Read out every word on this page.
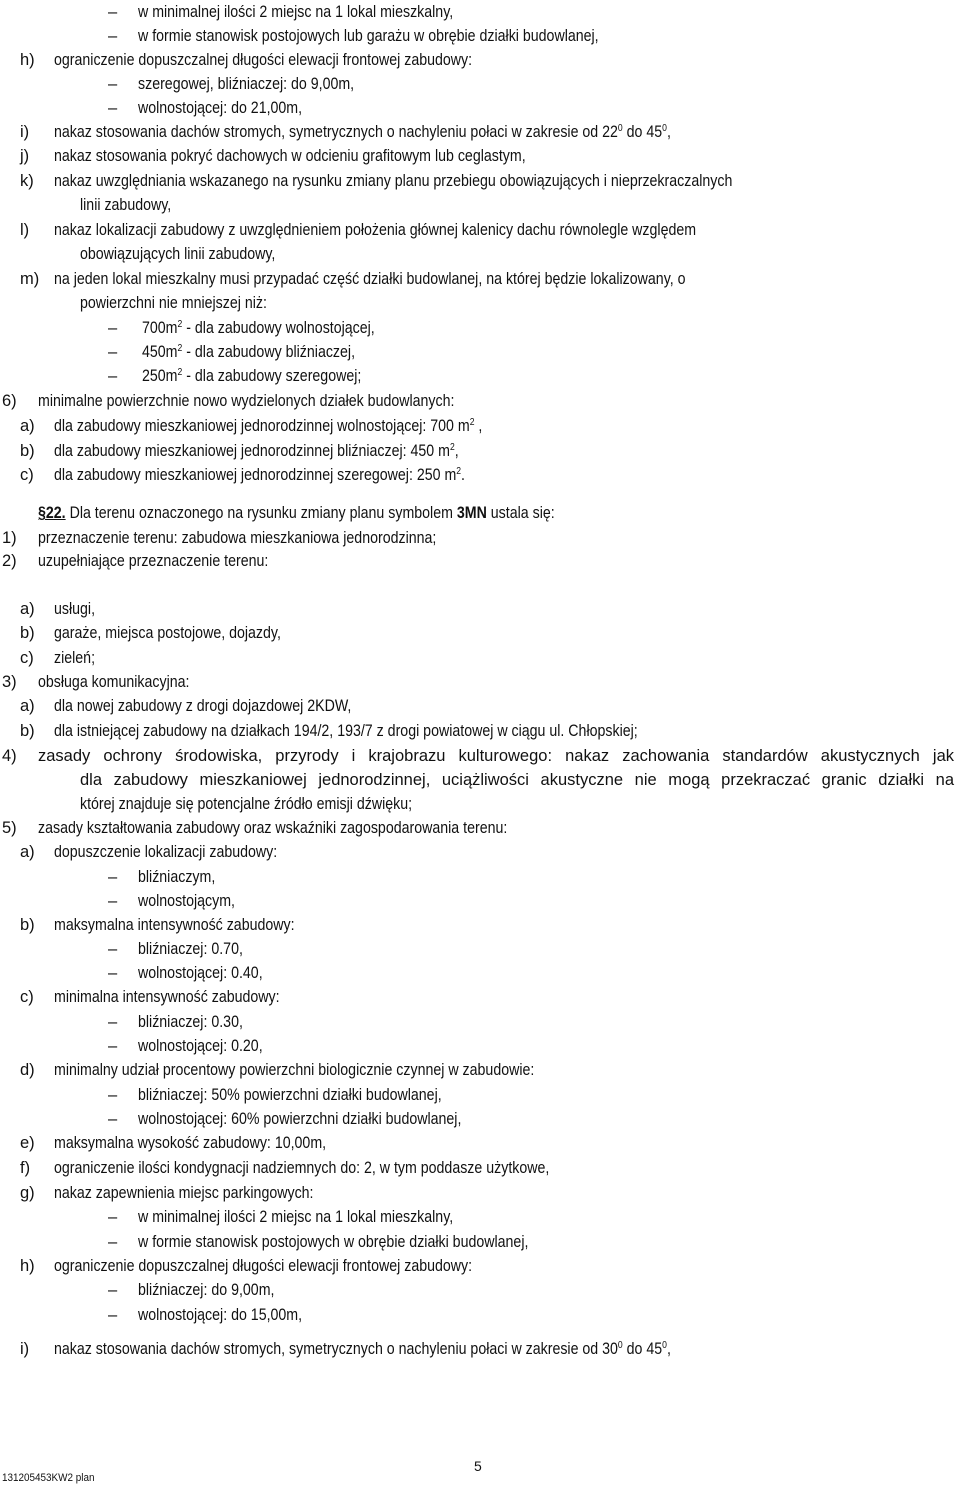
– w minimalnej ilości 2 miejsc na 1 lokal mieszkalny,
– w formie stanowisk postojowych lub garażu w obrębie działki budowlanej,
h) ograniczenie dopuszczalnej długości elewacji frontowej zabudowy:
– szeregowej, bliźniaczej: do 9,00m,
– wolnostojącej: do 21,00m,
i) nakaz stosowania dachów stromych, symetrycznych o nachyleniu połaci w zakresie od $22^0$ do $45^0$,
j) nakaz stosowania pokryć dachowych w odcieniu grafitowym lub ceglastym,
k) nakaz uwzględniania wskazanego na rysunku zmiany planu przebiegu obowiązujących i nieprzekraczalnych
linii zabudowy,
l) nakaz lokalizacji zabudowy z uwzględnieniem położenia głównej kalenicy dachu równolegle względem
obowiązujących linii zabudowy,
m) na jeden lokal mieszkalny musi przypadać część działki budowlanej, na której będzie lokalizowany, o
powierzchni nie mniejszej niż:
– $700m^2$ - dla zabudowy wolnostojącej,
– $450m^2$ - dla zabudowy bliźniaczej,
– $250m^2$ - dla zabudowy szeregowej;
6) minimalne powierzchnie nowo wydzielonych działek budowlanych:
a) dla zabudowy mieszkaniowej jednorodzinnej wolnostojącej: 700 $m^2$ ,
b) dla zabudowy mieszkaniowej jednorodzinnej bliźniaczej: 450 $m^2$,
c) dla zabudowy mieszkaniowej jednorodzinnej szeregowej: 250 $m^2$.
1) przeznaczenie terenu: zabudowa mieszkaniowa jednorodzinna;
2) uzupełniające przeznaczenie terenu:
a) usługi,
b) garaże, miejsca postojowe, dojazdy,
c) zieleń;
3) obsługa komunikacyjna:
a) dla nowej zabudowy z drogi dojazdowej 2KDW,
b) dla istniejącej zabudowy na działkach 194/2, 193/7 z drogi powiatowej w ciągu ul. Chłopskiej;
4) zasady ochrony środowiska, przyrody i krajobrazu kulturowego: nakaz zachowania standardów akustycznych jak
dla zabudowy mieszkaniowej jednorodzinnej, uciążliwości akustyczne nie mogą przekraczać granic działki na
której znajduje się potencjalne źródło emisji dźwięku;
5) zasady kształtowania zabudowy oraz wskaźniki zagospodarowania terenu:
a) dopuszczenie lokalizacji zabudowy:
– bliźniaczym,
– wolnostojącym,
b) maksymalna intensywność zabudowy:
– bliźniaczej: 0.70,
– wolnostojącej: 0.40,
c) minimalna intensywność zabudowy:
– bliźniaczej: 0.30,
– wolnostojącej: 0.20,
d) minimalny udział procentowy powierzchni biologicznie czynnej w zabudowie:
– bliźniaczej: 50% powierzchni działki budowlanej,
– wolnostojącej: 60% powierzchni działki budowlanej,
e) maksymalna wysokość zabudowy: 10,00m,
f) ograniczenie ilości kondygnacji nadziemnych do: 2, w tym poddasze użytkowe,
g) nakaz zapewnienia miejsc parkingowych:
– w minimalnej ilości 2 miejsc na 1 lokal mieszkalny,
– w formie stanowisk postojowych w obrębie działki budowlanej,
h) ograniczenie dopuszczalnej długości elewacji frontowej zabudowy:
– bliźniaczej: do 9,00m,
– wolnostojącej: do 15,00m,
i) nakaz stosowania dachów stromych, symetrycznych o nachyleniu połaci w zakresie od $30^0$ do $45^0$,
§22. Dla terenu oznaczonego na rysunku zmiany planu symbolem 3MN ustala się:
5
131205453KW2 plan
